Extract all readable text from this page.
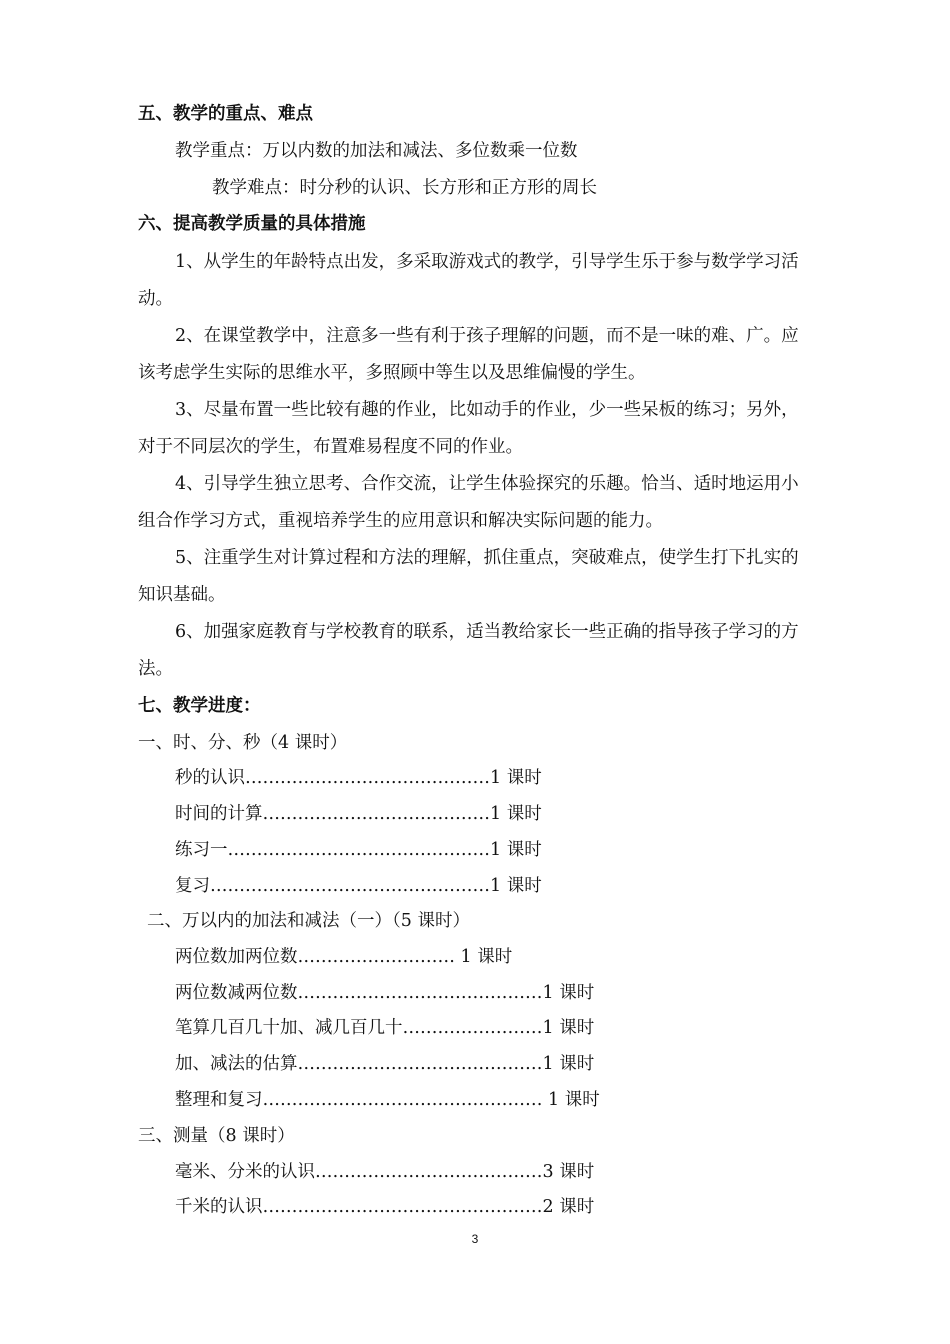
五、教学的重点、难点
教学重点：万以内数的加法和减法、多位数乘一位数
教学难点：时分秒的认识、长方形和正方形的周长
六、提高教学质量的具体措施
1、从学生的年龄特点出发，多采取游戏式的教学，引导学生乐于参与数学学习活
动。
2、在课堂教学中，注意多一些有利于孩子理解的问题，而不是一味的难、广。应
该考虑学生实际的思维水平，多照顾中等生以及思维偏慢的学生。
3、尽量布置一些比较有趣的作业，比如动手的作业，少一些呆板的练习；另外，
对于不同层次的学生，布置难易程度不同的作业。
4、引导学生独立思考、合作交流，让学生体验探究的乐趣。恰当、适时地运用小
组合作学习方式，重视培养学生的应用意识和解决实际问题的能力。
5、注重学生对计算过程和方法的理解，抓住重点，突破难点，使学生打下扎实的
知识基础。
6、加强家庭教育与学校教育的联系，适当教给家长一些正确的指导孩子学习的方
法。
七、教学进度：
一、时、分、秒（4 课时）
秒的认识……………………………………1 课时
时间的计算…………………………………1 课时
练习一………………………………………1 课时
复习…………………………………………1 课时
二、万以内的加法和减法（一）（5 课时）
两位数加两位数……………………… 1 课时
两位数减两位数……………………………………1 课时
笔算几百几十加、减几百几十……………………1 课时
加、减法的估算……………………………………1 课时
整理和复习………………………………………… 1 课时
三、测量（8 课时）
毫米、分米的认识…………………………………3 课时
千米的认识…………………………………………2 课时
3
